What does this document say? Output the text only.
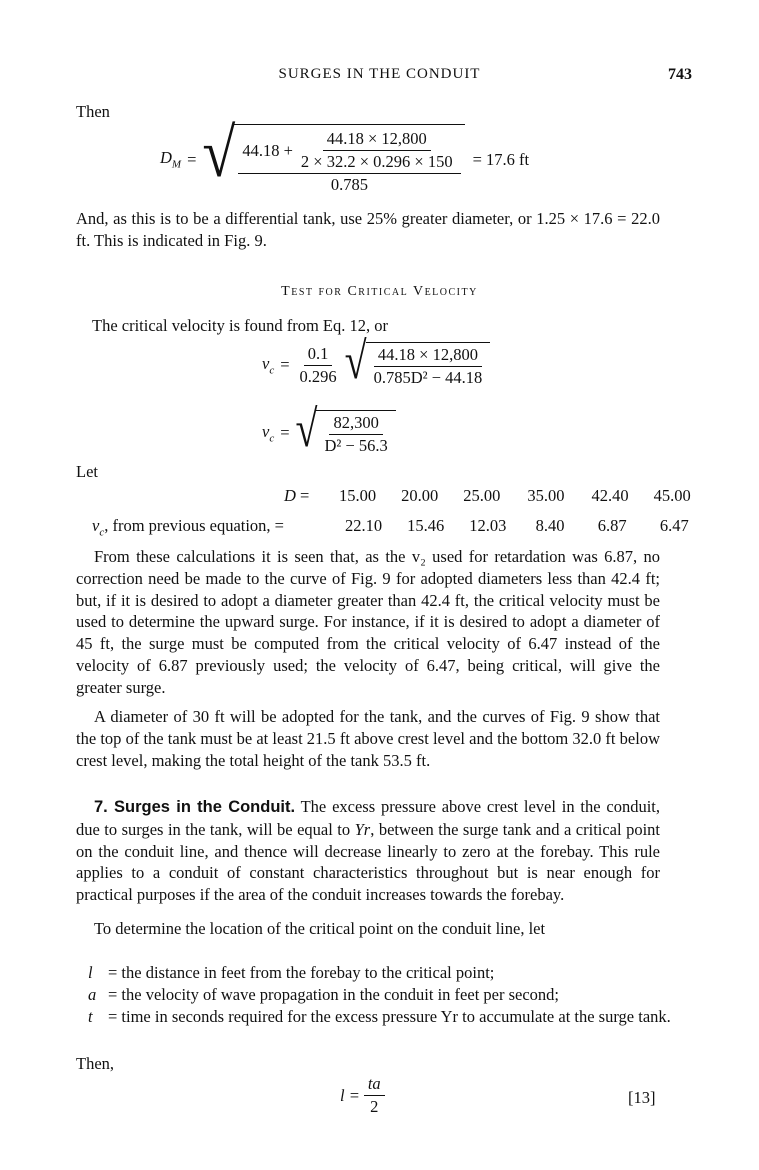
SURGES IN THE CONDUIT	743
Then
$D_M$ = √ $44.18 + \frac{44.18 \times 12,800}{2 \times 32.2 \times 0.296 \times 150}$
0.785
= 17.6 ft
And, as this is to be a differential tank, use 25% greater diameter, or 1.25 × 17.6 = 22.0 ft. This is indicated in Fig. 9.
Test for Critical Velocity
The critical velocity is found from Eq. 12, or
$v_c = \frac{0.1}{0.296}$ √ $\frac{44.18 \times 12,800}{\text{0.785D² − 44.18}}$
$v_c$ = √ $\frac{82,300}{\text{D² − 56.3}}$
Let
D = 15.00 20.00 25.00 35.00 42.40 45.00
$v_c$, from previous equation, =	22.10 15.46 12.03 8.40 6.87 6.47
From these calculations it is seen that, as the v₂ used for retardation was 6.87, no correction need be made to the curve of Fig. 9 for adopted diameters less than 42.4 ft; but, if it is desired to adopt a diameter greater than 42.4 ft, the critical velocity must be used to determine the upward surge. For instance, if it is desired to adopt a diameter of 45 ft, the surge must be computed from the critical velocity of 6.47 instead of the velocity of 6.87 previously used; the velocity of 6.47, being critical, will give the greater surge.
A diameter of 30 ft will be adopted for the tank, and the curves of Fig. 9 show that the top of the tank must be at least 21.5 ft above crest level and the bottom 32.0 ft below crest level, making the total height of the tank 53.5 ft.
7. Surges in the Conduit. The excess pressure above crest level in the conduit, due to surges in the tank, will be equal to Yr, between the surge tank and a critical point on the conduit line, and thence will decrease linearly to zero at the forebay. This rule applies to a conduit of constant characteristics throughout but is near enough for practical purposes if the area of the conduit increases towards the forebay.
To determine the location of the critical point on the conduit line, let
l = the distance in feet from the forebay to the critical point;
a = the velocity of wave propagation in the conduit in feet per second;
t = time in seconds required for the excess pressure Yr to accumulate at the surge tank.
Then,
$l = \frac{ta}{2}$	[13]
